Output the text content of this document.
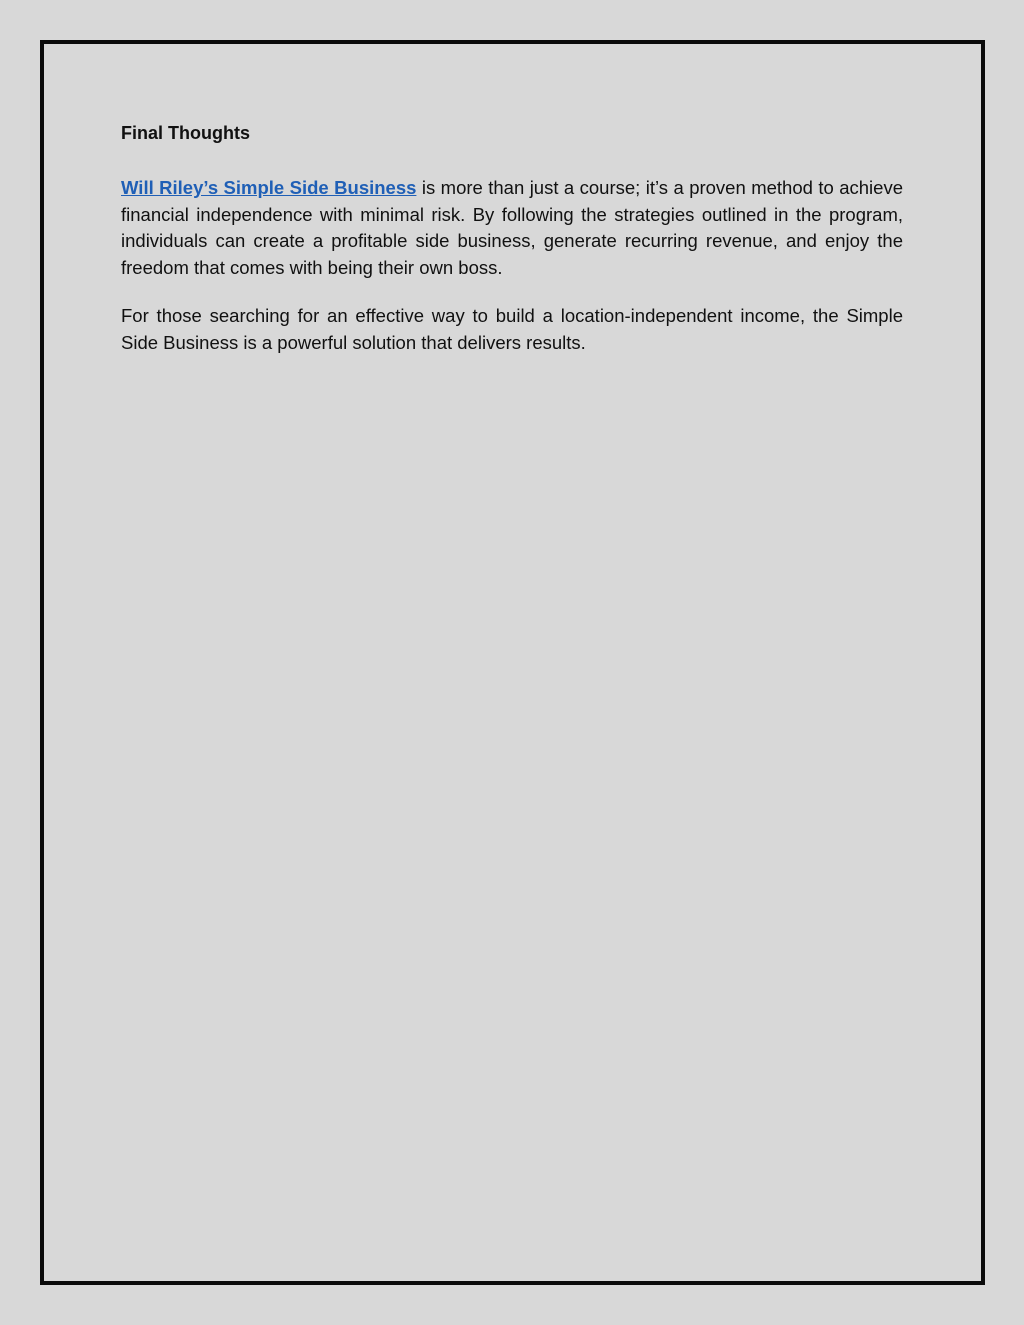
Final Thoughts

Will Riley’s Simple Side Business is more than just a course; it’s a proven method to achieve financial independence with minimal risk. By following the strategies outlined in the program, individuals can create a profitable side business, generate recurring revenue, and enjoy the freedom that comes with being their own boss.

For those searching for an effective way to build a location-independent income, the Simple Side Business is a powerful solution that delivers results.
